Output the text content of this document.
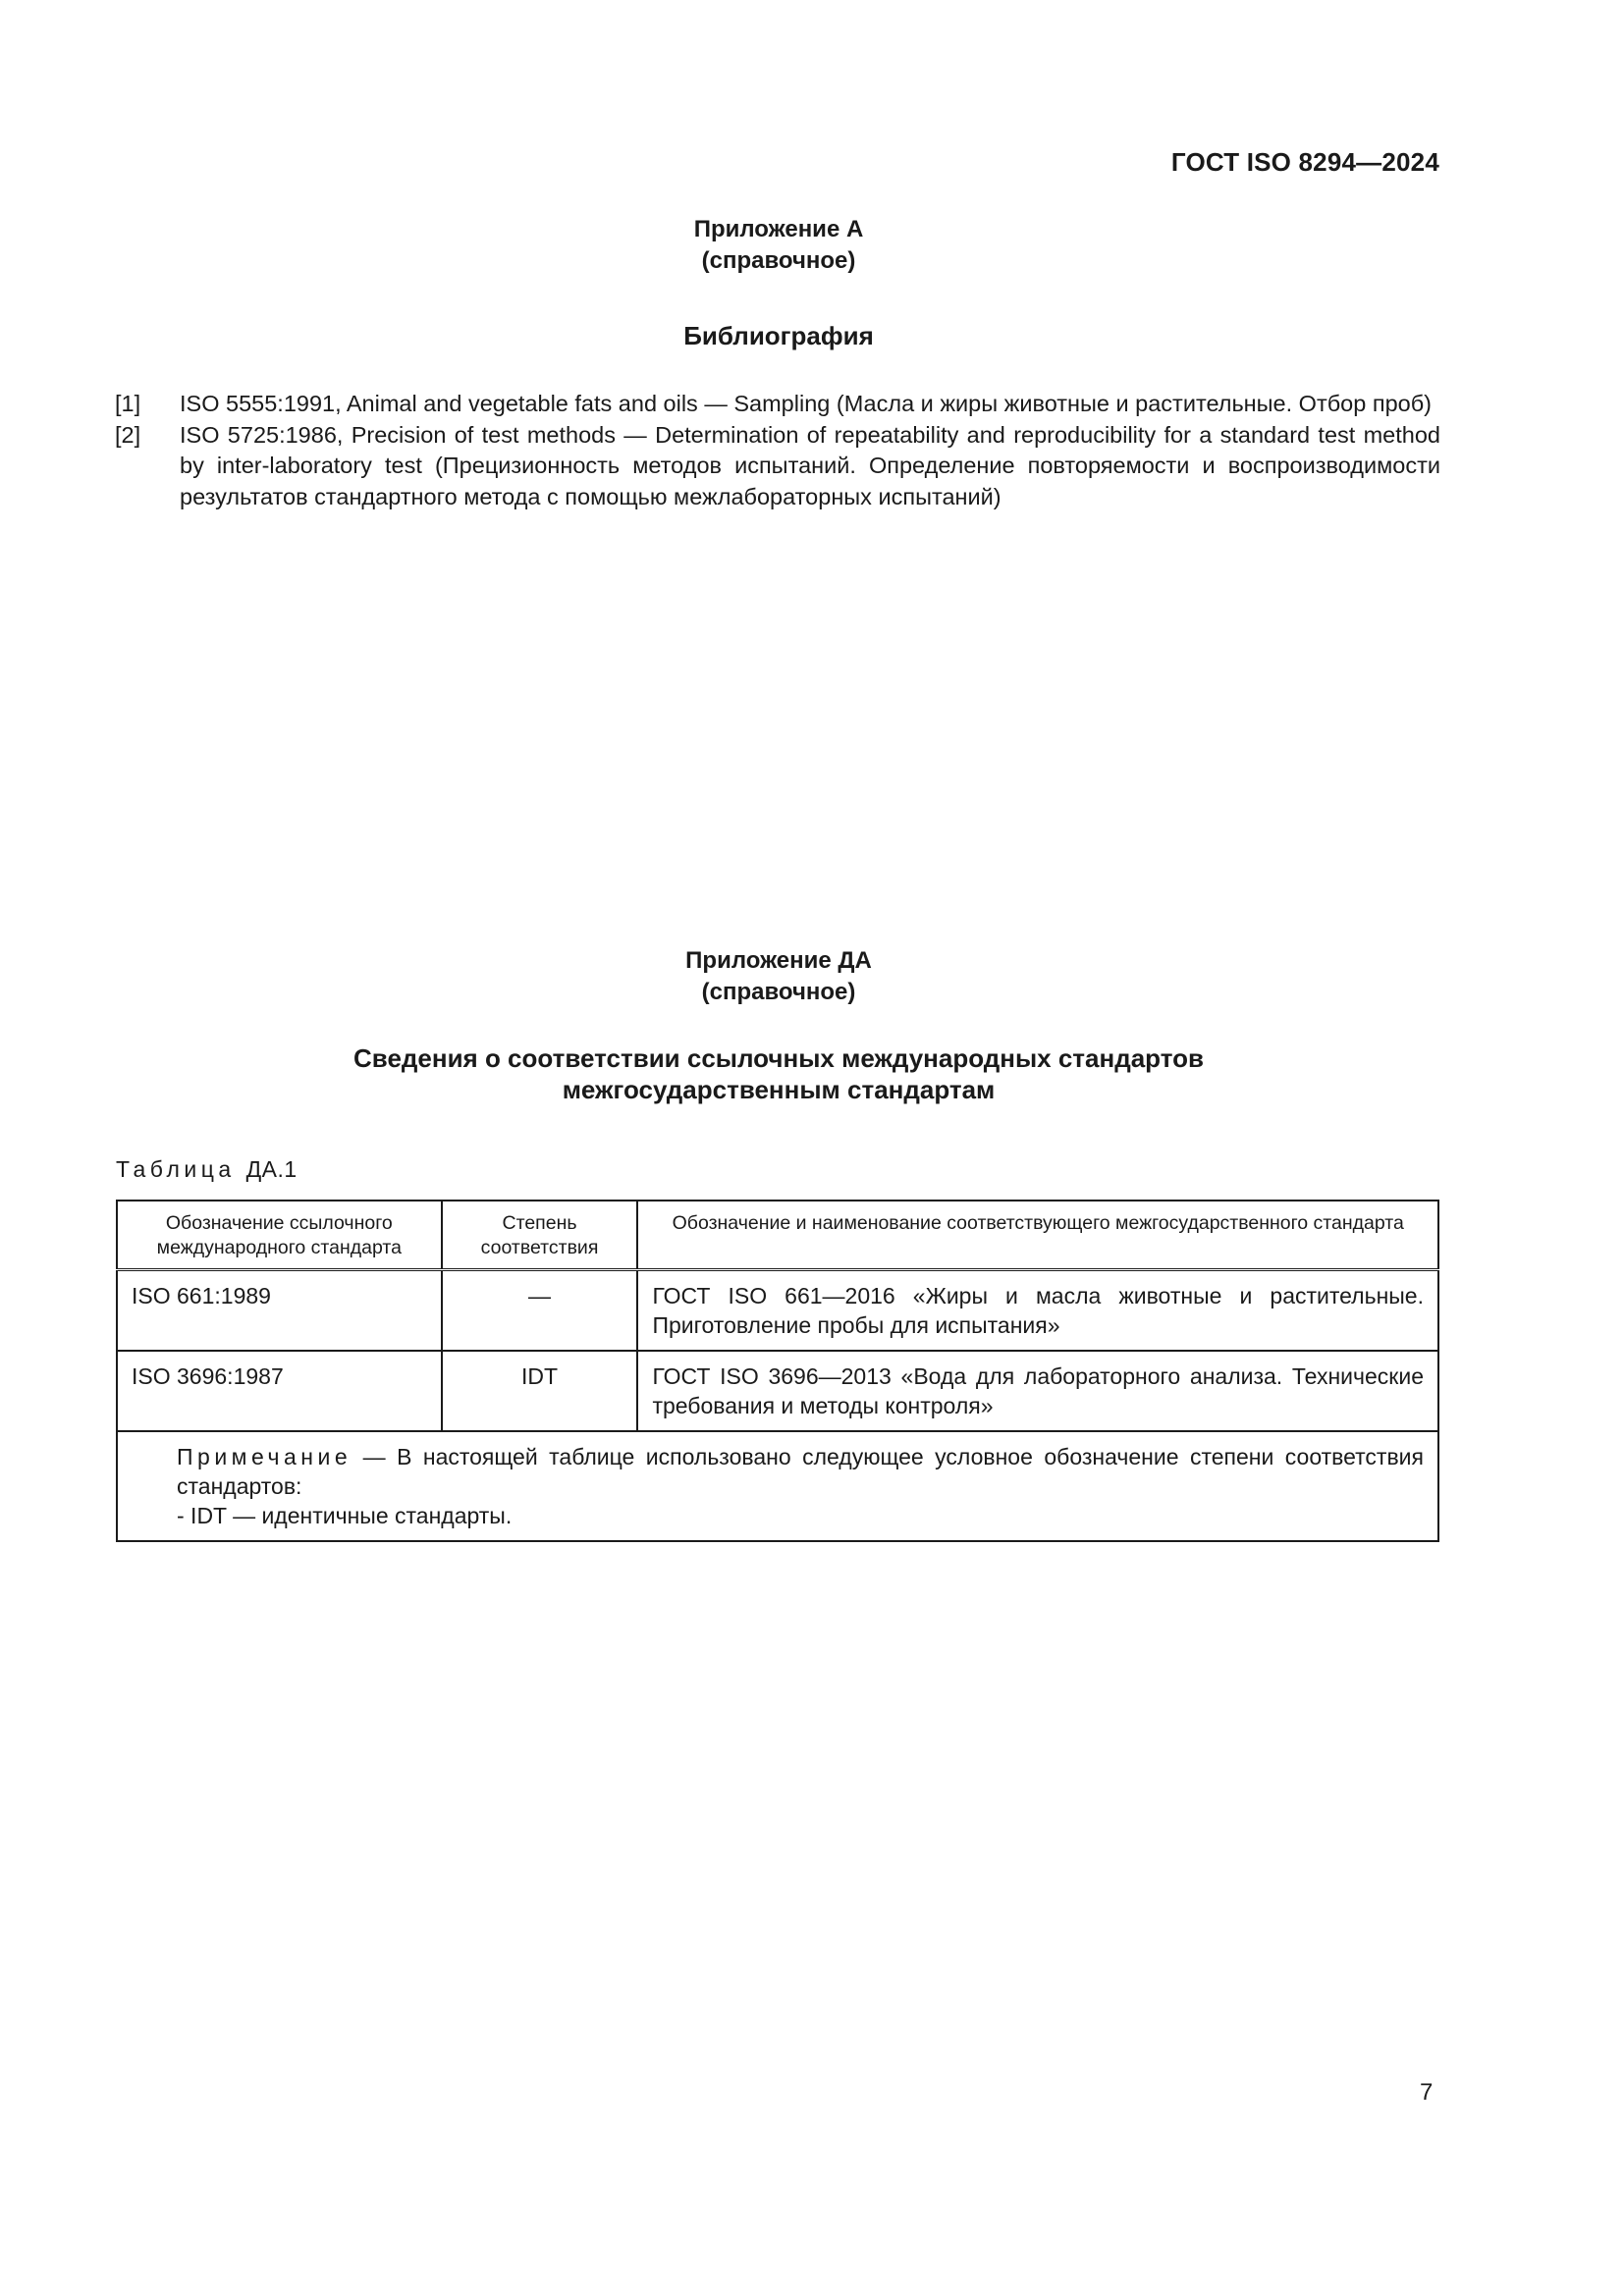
ГОСТ ISO 8294—2024
Приложение А
(справочное)
Библиография
[1]	ISO 5555:1991, Animal and vegetable fats and oils — Sampling (Масла и жиры животные и растительные. Отбор проб)
[2]	ISO 5725:1986, Precision of test methods — Determination of repeatability and reproducibility for a standard test method by inter-laboratory test (Прецизионность методов испытаний. Определение повторяемости и воспроизводимости результатов стандартного метода с помощью межлабораторных испытаний)
Приложение ДА
(справочное)
Сведения о соответствии ссылочных международных стандартов
межгосударственным стандартам
Таблица ДА.1
Обозначение ссылочного международного стандарта	Степень соответствия	Обозначение и наименование соответствующего межгосударственного стандарта
ISO 661:1989	—	ГОСТ ISO 661—2016 «Жиры и масла животные и растительные. Приготовление пробы для испытания»
ISO 3696:1987	IDT	ГОСТ ISO 3696—2013 «Вода для лабораторного анализа. Технические требования и методы контроля»

Примечание — В настоящей таблице использовано следующее условное обозначение степени соответствия стандартов:
- IDT — идентичные стандарты.		
7
